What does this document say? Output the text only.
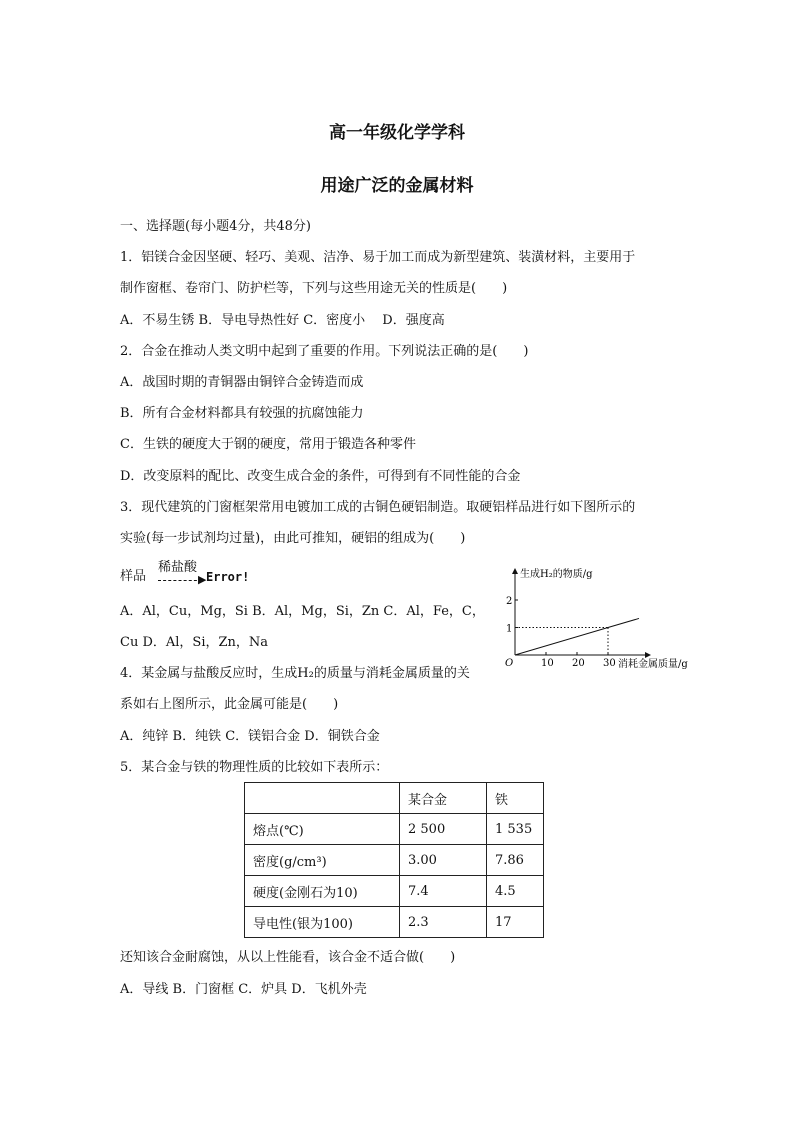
高一年级化学学科
用途广泛的金属材料
一、选择题(每小题4分，共48分)
1．铝镁合金因坚硬、轻巧、美观、洁净、易于加工而成为新型建筑、装潢材料，主要用于
制作窗框、卷帘门、防护栏等，下列与这些用途无关的性质是(　　)
A．不易生锈 B．导电导热性好 C．密度小　 D．强度高
2．合金在推动人类文明中起到了重要的作用。下列说法正确的是(　　)
A．战国时期的青铜器由铜锌合金铸造而成
B．所有合金材料都具有较强的抗腐蚀能力
C．生铁的硬度大于钢的硬度，常用于锻造各种零件
D．改变原料的配比、改变生成合金的条件，可得到有不同性能的合金
3．现代建筑的门窗框架常用电镀加工成的古铜色硬铝制造。取硬铝样品进行如下图所示的
实验(每一步试剂均过量)，由此可推知，硬铝的组成为(　　)
样品
稀盐酸
▶ Error!
A．Al，Cu，Mg，Si B．Al，Mg，Si，Zn C．Al，Fe，C，
Cu D．Al，Si，Zn，Na
4．某金属与盐酸反应时，生成H₂的质量与消耗金属质量的关
系如右上图所示，此金属可能是(　　)
A．纯锌 B．纯铁 C．镁铝合金 D．铜铁合金
5．某合金与铁的物理性质的比较如下表所示：
10 20 30
1
2
生成H₂的物质/g
消耗金属质量/g
O
	某合金	铁
熔点(℃)	2 500	1 535
密度(g/cm³)	3.00	7.86
硬度(金刚石为10)	7.4	4.5
导电性(银为100)	2.3	17
还知该合金耐腐蚀，从以上性能看，该合金不适合做(　　)
A．导线 B．门窗框 C．炉具 D．飞机外壳
